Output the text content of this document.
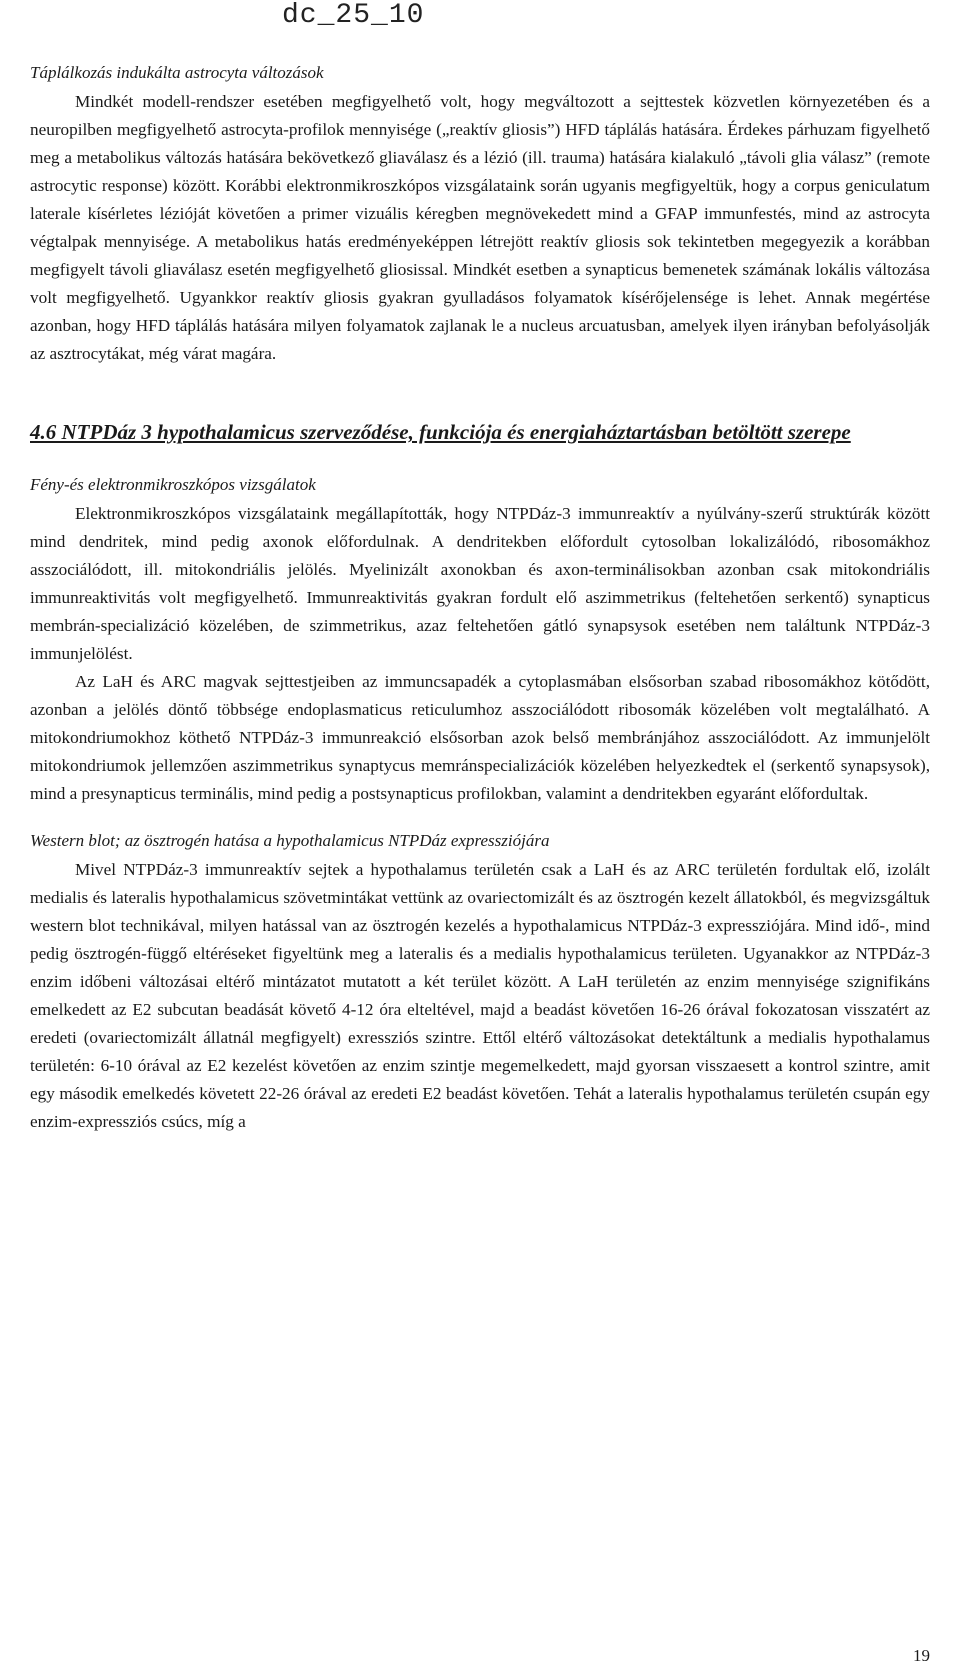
dc_25_10
Táplálkozás indukálta astrocyta változások

Mindkét modell-rendszer esetében megfigyelhető volt, hogy megváltozott a sejttestek közvetlen környezetében és a neuropilben megfigyelhető astrocyta-profilok mennyisége („reaktív gliosis”) HFD táplálás hatására. Érdekes párhuzam figyelhető meg a metabolikus változás hatására bekövetkező gliaválasz és a lézió (ill. trauma) hatására kialakuló „távoli glia válasz” (remote astrocytic response) között. Korábbi elektronmikroszkópos vizsgálataink során ugyanis megfigyeltük, hogy a corpus geniculatum laterale kísérletes lézióját követően a primer vizuális kéregben megnövekedett mind a GFAP immunfestés, mind az astrocyta végtalpak mennyisége. A metabolikus hatás eredményeképpen létrejött reaktív gliosis sok tekintetben megegyezik a korábban megfigyelt távoli gliaválasz esetén megfigyelhető gliosissal. Mindkét esetben a synapticus bemenetek számának lokális változása volt megfigyelhető. Ugyankkor reaktív gliosis gyakran gyulladásos folyamatok kísérőjelensége is lehet. Annak megértése azonban, hogy HFD táplálás hatására milyen folyamatok zajlanak le a nucleus arcuatusban, amelyek ilyen irányban befolyásolják az asztrocytákat, még várat magára.

4.6 NTPDáz 3 hypothalamicus szerveződése, funkciója és energiaháztartásban betöltött szerepe
Fény-és elektronmikroszkópos vizsgálatok

Elektronmikroszkópos vizsgálataink megállapították, hogy NTPDáz-3 immunreaktív a nyúlvány-szerű struktúrák között mind dendritek, mind pedig axonok előfordulnak. A dendritekben előfordult cytosolban lokalizálódó, ribosomákhoz asszociálódott, ill. mitokondriális jelölés. Myelinizált axonokban és axon-terminálisokban azonban csak mitokondriális immunreaktivitás volt megfigyelhető. Immunreaktivitás gyakran fordult elő aszimmetrikus (feltehetően serkentő) synapticus membrán-specializáció közelében, de szimmetrikus, azaz feltehetően gátló synapsysok esetében nem találtunk NTPDáz-3 immunjelölést.

Az LaH és ARC magvak sejttestjeiben az immuncsapadék a cytoplasmában elsősorban szabad ribosomákhoz kötődött, azonban a jelölés döntő többsége endoplasmaticus reticulumhoz asszociálódott ribosomák közelében volt megtalálható. A mitokondriumokhoz köthető NTPDáz-3 immunreakció elsősorban azok belső membránjához asszociálódott. Az immunjelölt mitokondriumok jellemzően aszimmetrikus synaptycus memránspecializációk közelében helyezkedtek el (serkentő synapsysok), mind a presynapticus terminális, mind pedig a postsynapticus profilokban, valamint a dendritekben egyaránt előfordultak.

Western blot; az ösztrogén hatása a hypothalamicus NTPDáz expressziójára

Mivel NTPDáz-3 immunreaktív sejtek a hypothalamus területén csak a LaH és az ARC területén fordultak elő, izolált medialis és lateralis hypothalamicus szövetmintákat vettünk az ovariectomizált és az ösztrogén kezelt állatokból, és megvizsgáltuk western blot technikával, milyen hatással van az ösztrogén kezelés a hypothalamicus NTPDáz-3 expressziójára. Mind idő-, mind pedig ösztrogén-függő eltéréseket figyeltünk meg a lateralis és a medialis hypothalamicus területen. Ugyanakkor az NTPDáz-3 enzim időbeni változásai eltérő mintázatot mutatott a két terület között. A LaH területén az enzim mennyisége szignifikáns emelkedett az E2 subcutan beadását követő 4-12 óra elteltével, majd a beadást követően 16-26 órával fokozatosan visszatért az eredeti (ovariectomizált állatnál megfigyelt) exressziós szintre. Ettől eltérő változásokat detektáltunk a medialis hypothalamus területén: 6-10 órával az E2 kezelést követően az enzim szintje megemelkedett, majd gyorsan visszaesett a kontrol szintre, amit egy második emelkedés követett 22-26 órával az eredeti E2 beadást követően. Tehát a lateralis hypothalamus területén csupán egy enzim-expressziós csúcs, míg a

19
